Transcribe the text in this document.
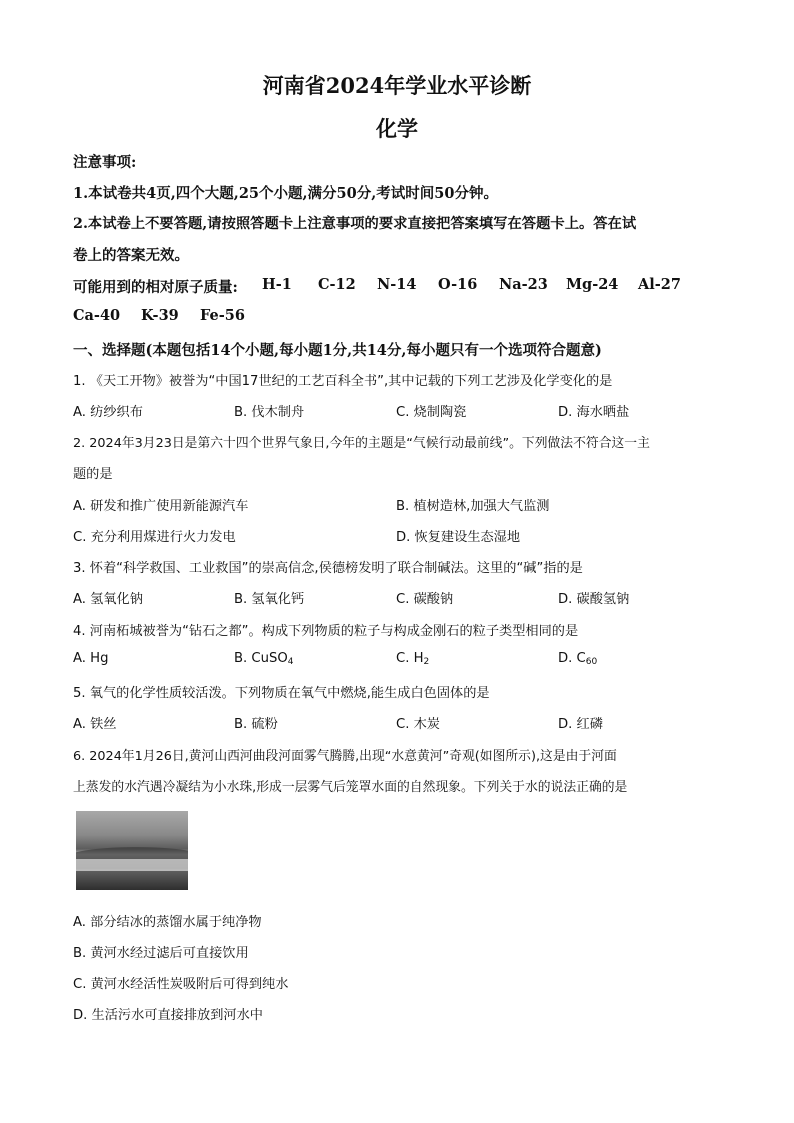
河南省2024年学业水平诊断
化学
注意事项:
1.本试卷共4页,四个大题,25个小题,满分50分,考试时间50分钟。
2.本试卷上不要答题,请按照答题卡上注意事项的要求直接把答案填写在答题卡上。答在试
卷上的答案无效。
可能用到的相对原子质量: H-1 C-12 N-14 O-16 Na-23 Mg-24 Al-27
Ca-40 K-39 Fe-56
一、选择题(本题包括14个小题,每小题1分,共14分,每小题只有一个选项符合题意)
1. 《天工开物》被誉为“中国17世纪的工艺百科全书”,其中记载的下列工艺涉及化学变化的是
A. 纺纱织布	B. 伐木制舟	C. 烧制陶瓷	D. 海水晒盐
2. 2024年3月23日是第六十四个世界气象日,今年的主题是“气候行动最前线”。下列做法不符合这一主
题的是
A. 研发和推广使用新能源汽车	B. 植树造林,加强大气监测
C. 充分利用煤进行火力发电	D. 恢复建设生态湿地
3. 怀着“科学救国、工业救国”的崇高信念,侯德榜发明了联合制碱法。这里的“碱”指的是
A. 氢氧化钠	B. 氢氧化钙	C. 碳酸钠	D. 碳酸氢钠
4. 河南柘城被誉为“钻石之都”。构成下列物质的粒子与构成金刚石的粒子类型相同的是
A. Hg	B. CuSO$_4$	C. $H_2$	D. $C_{60}$
5. 氧气的化学性质较活泼。下列物质在氧气中燃烧,能生成白色固体的是
A. 铁丝	B. 硫粉	C. 木炭	D. 红磷
6. 2024年1月26日,黄河山西河曲段河面雾气腾腾,出现“水意黄河”奇观(如图所示),这是由于河面
上蒸发的水汽遇冷凝结为小水珠,形成一层雾气后笼罩水面的自然现象。下列关于水的说法正确的是
A. 部分结冰的蒸馏水属于纯净物
B. 黄河水经过滤后可直接饮用
C. 黄河水经活性炭吸附后可得到纯水
D. 生活污水可直接排放到河水中
